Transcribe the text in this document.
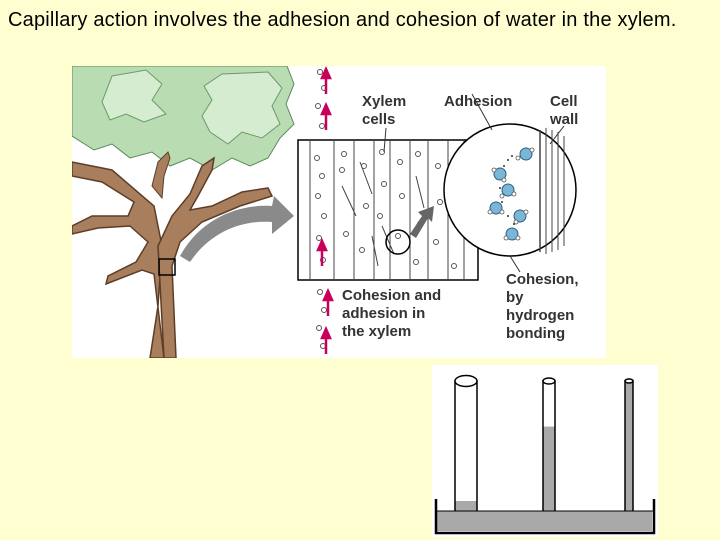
Capillary action involves the adhesion and cohesion of water in the xylem.
Xylem
cells
Adhesion	Cell
wall
Cohesion and
adhesion in
the xylem
Cohesion,
by
hydrogen
bonding
